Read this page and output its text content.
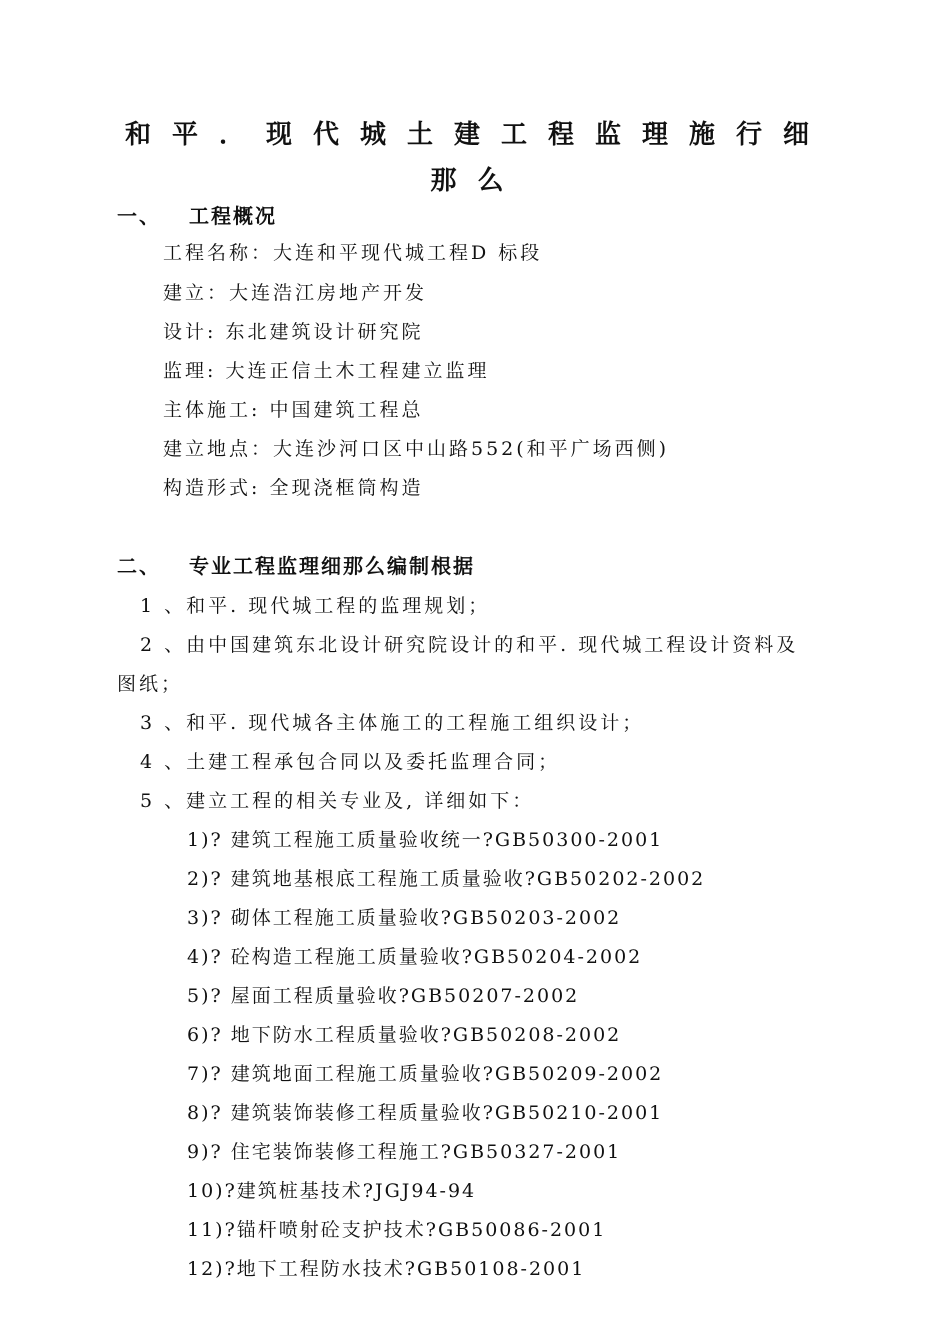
和平．现代城土建工程监理施行细那么
一、 工程概况
工程名称：大连和平现代城工程D 标段
建立：大连浩江房地产开发
设计: 东北建筑设计研究院
监理: 大连正信土木工程建立监理
主体施工: 中国建筑工程总
建立地点：大连沙河口区中山路552(和平广场西侧)
构造形式: 全现浇框筒构造
二、 专业工程监理细那么编制根据
1 、和平. 现代城工程的监理规划；
2 、由中国建筑东北设计研究院设计的和平. 现代城工程设计资料及
图纸；
3 、和平. 现代城各主体施工的工程施工组织设计；
4 、土建工程承包合同以及委托监理合同；
5 、建立工程的相关专业及, 详细如下：
1)? 建筑工程施工质量验收统一?GB50300-2001
2)? 建筑地基根底工程施工质量验收?GB50202-2002
3)? 砌体工程施工质量验收?GB50203-2002
4)? 砼构造工程施工质量验收?GB50204-2002
5)? 屋面工程质量验收?GB50207-2002
6)? 地下防水工程质量验收?GB50208-2002
7)? 建筑地面工程施工质量验收?GB50209-2002
8)? 建筑装饰装修工程质量验收?GB50210-2001
9)? 住宅装饰装修工程施工?GB50327-2001
10)?建筑桩基技术?JGJ94-94
11)?锚杆喷射砼支护技术?GB50086-2001
12)?地下工程防水技术?GB50108-2001
